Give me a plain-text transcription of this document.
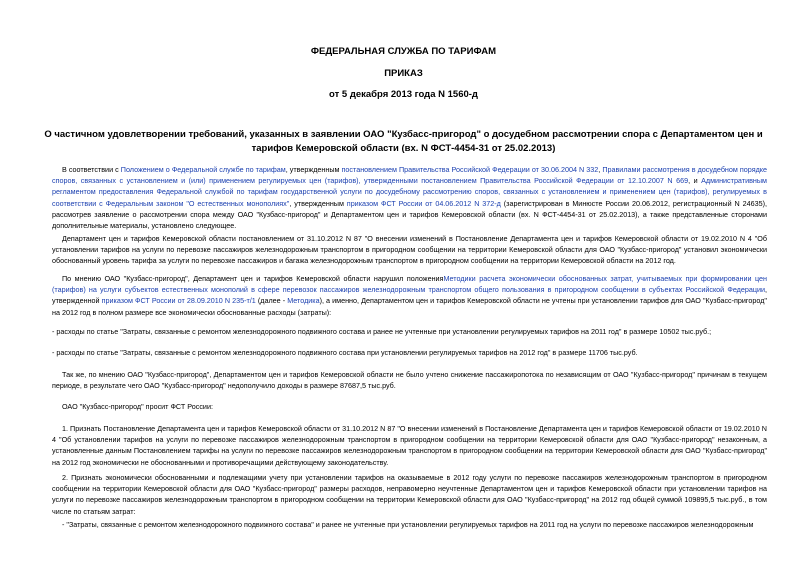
ФЕДЕРАЛЬНАЯ СЛУЖБА ПО ТАРИФАМ
ПРИКАЗ
от 5 декабря 2013 года N 1560-д
О частичном удовлетворении требований, указанных в заявлении ОАО "Кузбасс-пригород" о досудебном рассмотрении спора с Департаментом цен и тарифов Кемеровской области (вх. N ФСТ-4454-31 от 25.02.2013)
В соответствии с Положением о Федеральной службе по тарифам, утвержденным постановлением Правительства Российской Федерации от 30.06.2004 N 332, Правилами рассмотрения в досудебном порядке споров, связанных с установлением и (или) применением регулируемых цен (тарифов), утвержденными постановлением Правительства Российской Федерации от 12.10.2007 N 669, и Административным регламентом предоставления Федеральной службой по тарифам государственной услуги по досудебному рассмотрению споров, связанных с установлением и применением цен (тарифов), регулируемых в соответствии с Федеральным законом "О естественных монополиях", утвержденным приказом ФСТ России от 04.06.2012 N 372-д (зарегистрирован в Минюсте России 20.06.2012, регистрационный N 24635), рассмотрев заявление о рассмотрении спора между ОАО "Кузбасс-пригород" и Департаментом цен и тарифов Кемеровской области (вх. N ФСТ-4454-31 от 25.02.2013), а также представленные сторонами дополнительные материалы, установлено следующее.
Департамент цен и тарифов Кемеровской области постановлением от 31.10.2012 N 87 "О внесении изменений в Постановление Департамента цен и тарифов Кемеровской области от 19.02.2010 N 4 "Об установлении тарифов на услуги по перевозке пассажиров железнодорожным транспортом в пригородном сообщении на территории Кемеровской области для ОАО "Кузбасс-пригород" установил экономически обоснованный уровень тарифа за услуги по перевозке пассажиров и багажа железнодорожным транспортом в пригородном сообщении на территории Кемеровской области на 2012 год.
По мнению ОАО "Кузбасс-пригород", Департамент цен и тарифов Кемеровской области нарушил положенияМетодики расчета экономически обоснованных затрат, учитываемых при формировании цен (тарифов) на услуги субъектов естественных монополий в сфере перевозок пассажиров железнодорожным транспортом общего пользования в пригородном сообщении в субъектах Российской Федерации, утвержденной приказом ФСТ России от 28.09.2010 N 235-т/1 (далее - Методика), а именно, Департаментом цен и тарифов Кемеровской области не учтены при установлении тарифов для ОАО "Кузбасс-пригород" на 2012 год в полном размере все экономически обоснованные расходы (затраты):
- расходы по статье "Затраты, связанные с ремонтом железнодорожного подвижного состава и ранее не учтенные при установлении регулируемых тарифов на 2011 год" в размере 10502 тыс.руб.;
- расходы по статье "Затраты, связанные с ремонтом железнодорожного подвижного состава при установлении регулируемых тарифов на 2012 год" в размере 11706 тыс.руб.
Так же, по мнению ОАО "Кузбасс-пригород", Департаментом цен и тарифов Кемеровской области не было учтено снижение пассажиропотока по независящим от ОАО "Кузбасс-пригород" причинам в текущем периоде, в результате чего ОАО "Кузбасс-пригород" недополучило доходы в размере 87687,5 тыс.руб.
ОАО "Кузбасс-пригород" просит ФСТ России:
1. Признать Постановление Департамента цен и тарифов Кемеровской области от 31.10.2012 N 87 "О внесении изменений в Постановление Департамента цен и тарифов Кемеровской области от 19.02.2010 N 4 "Об установлении тарифов на услуги по перевозке пассажиров железнодорожным транспортом в пригородном сообщении на территории Кемеровской области для ОАО "Кузбасс-пригород" незаконным, а установленные данным Постановлением тарифы на услуги по перевозке пассажиров железнодорожным транспортом в пригородном сообщении на территории Кемеровской области для ОАО "Кузбасс-пригород" на 2012 год экономически не обоснованными и противоречащими действующему законодательству.
2. Признать экономически обоснованными и подлежащими учету при установлении тарифов на оказываемые в 2012 году услуги по перевозке пассажиров железнодорожным транспортом в пригородном сообщении на территории Кемеровской области для ОАО "Кузбасс-пригород" размеры расходов, неправомерно неучтенные Департаментом цен и тарифов Кемеровской области при установлении тарифов на услуги по перевозке пассажиров железнодорожным транспортом в пригородном сообщении на территории Кемеровской области для ОАО "Кузбасс-пригород" на 2012 год общей суммой 109895,5 тыс.руб., в том числе по статьям затрат:
- "Затраты, связанные с ремонтом железнодорожного подвижного состава" и ранее не учтенные при установлении регулируемых тарифов на 2011 год на услуги по перевозке пассажиров железнодорожным
